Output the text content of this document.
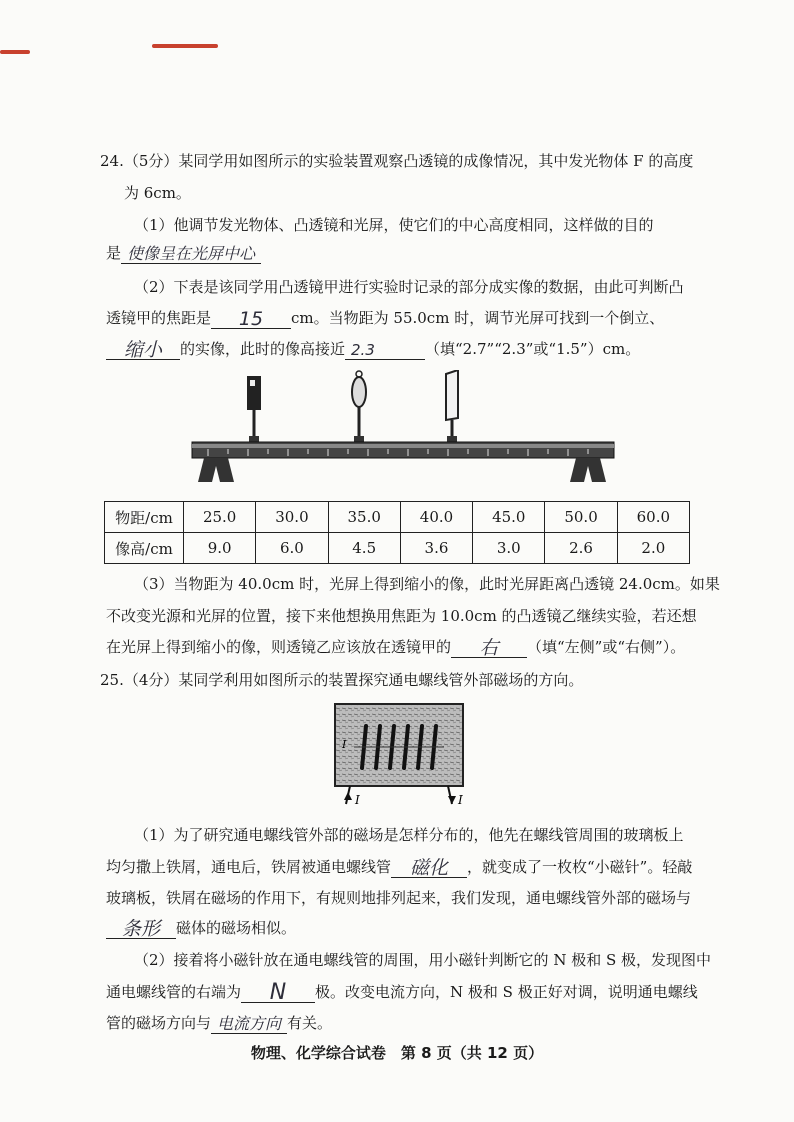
24.（5分）某同学用如图所示的实验装置观察凸透镜的成像情况，其中发光物体 F 的高度
为 6cm。
（1）他调节发光物体、凸透镜和光屏，使它们的中心高度相同，这样做的目的
是 使像呈在光屏中心
（2）下表是该同学用凸透镜甲进行实验时记录的部分成实像的数据，由此可判断凸
透镜甲的焦距是	15	cm。当物距为 55.0cm 时，调节光屏可找到一个倒立、
缩小	的实像，此时的像高接近 2.3	（填“2.7”“2.3”或“1.5”）cm。
物距/cm	25.0	30.0	35.0	40.0	45.0	50.0	60.0
像高/cm	9.0	6.0	4.5	3.6	3.0	2.6	2.0
（3）当物距为 40.0cm 时，光屏上得到缩小的像，此时光屏距离凸透镜 24.0cm。如果
不改变光源和光屏的位置，接下来他想换用焦距为 10.0cm 的凸透镜乙继续实验，若还想
在光屏上得到缩小的像，则透镜乙应该放在透镜甲的	右	（填“左侧”或“右侧”）。
25.（4分）某同学利用如图所示的装置探究通电螺线管外部磁场的方向。
I
I	I
（1）为了研究通电螺线管外部的磁场是怎样分布的，他先在螺线管周围的玻璃板上
均匀撒上铁屑，通电后，铁屑被通电螺线管 磁化	，就变成了一枚枚“小磁针”。轻敲
玻璃板，铁屑在磁场的作用下，有规则地排列起来，我们发现，通电螺线管外部的磁场与
条形	磁体的磁场相似。
（2）接着将小磁针放在通电螺线管的周围，用小磁针判断它的 N 极和 S 极，发现图中
通电螺线管的右端为	N	极。改变电流方向，N 极和 S 极正好对调，说明通电螺线
管的磁场方向与 电流方向 有关。
物理、化学综合试卷　第 8 页（共 12 页）
